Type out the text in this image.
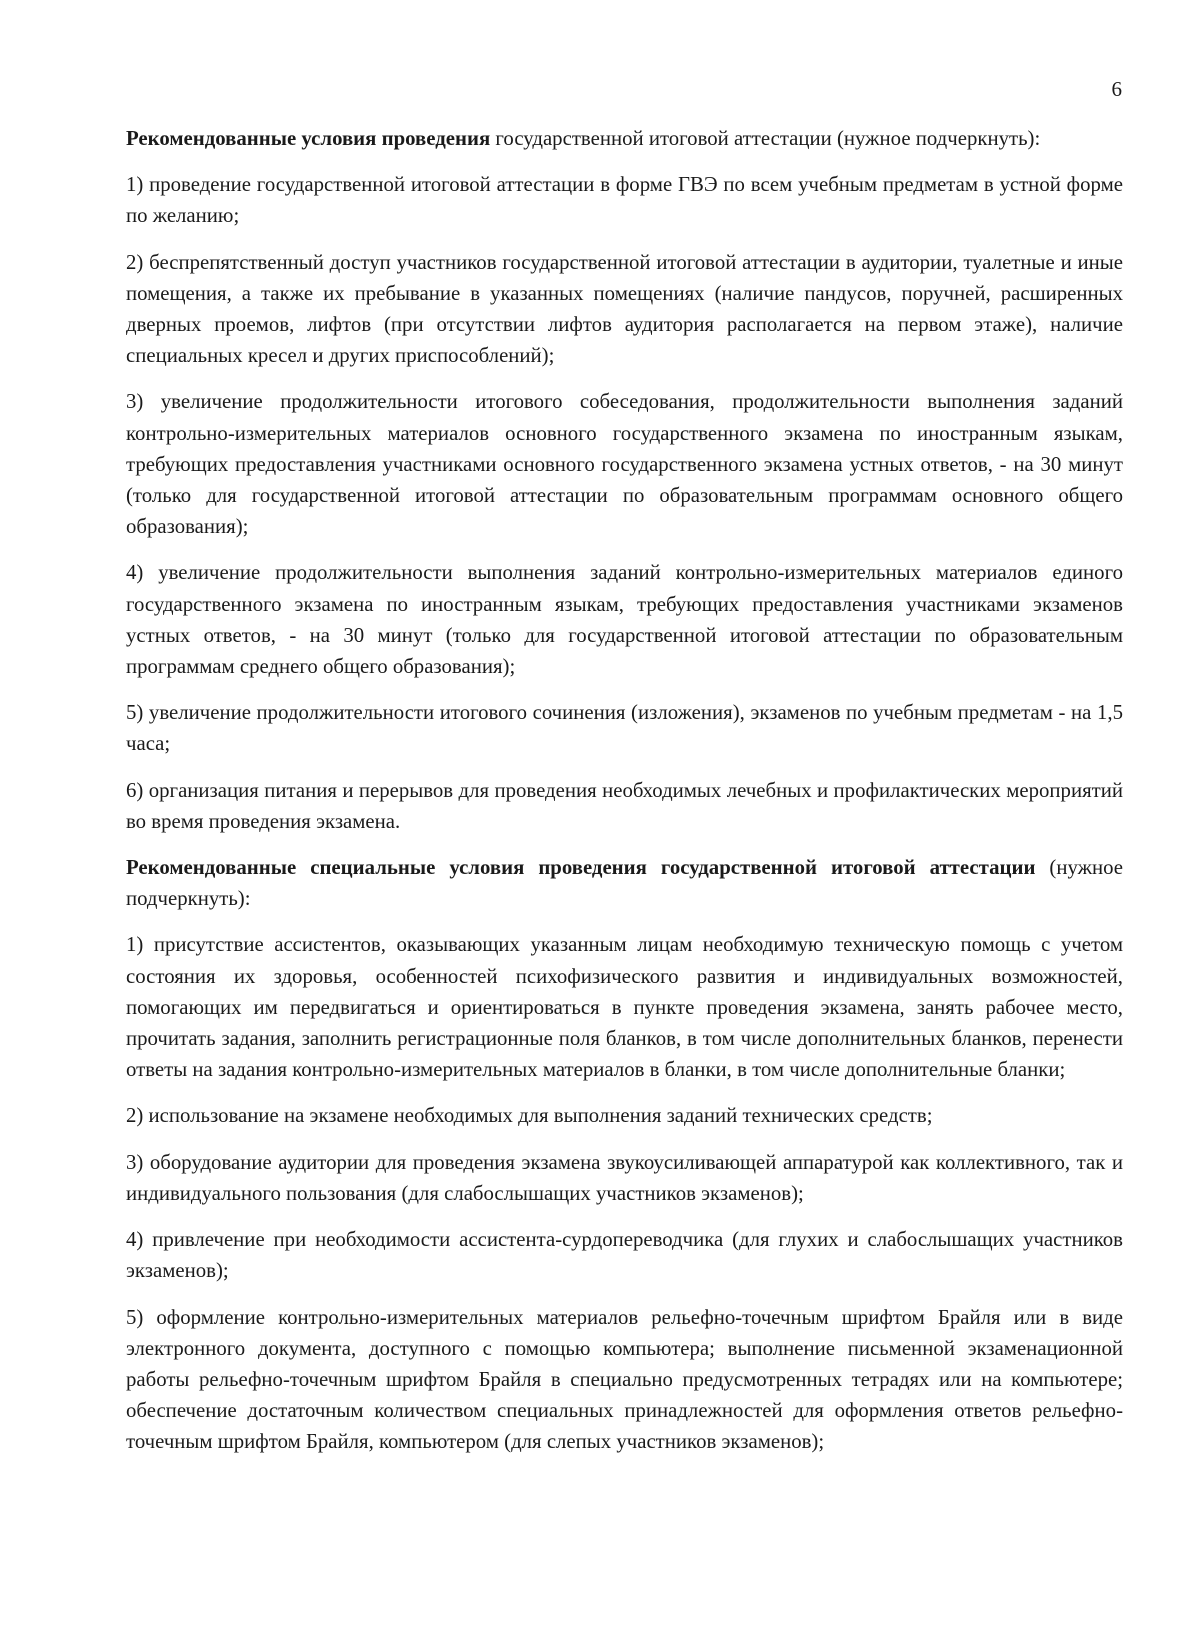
6

Рекомендованные условия проведения государственной итоговой аттестации (нужное подчеркнуть):

1) проведение государственной итоговой аттестации в форме ГВЭ по всем учебным предметам в устной форме по желанию;

2) беспрепятственный доступ участников государственной итоговой аттестации в аудитории, туалетные и иные помещения, а также их пребывание в указанных помещениях (наличие пандусов, поручней, расширенных дверных проемов, лифтов (при отсутствии лифтов аудитория располагается на первом этаже), наличие специальных кресел и других приспособлений);

3) увеличение продолжительности итогового собеседования, продолжительности выполнения заданий контрольно-измерительных материалов основного государственного экзамена по иностранным языкам, требующих предоставления участниками основного государственного экзамена устных ответов, - на 30 минут (только для государственной итоговой аттестации по образовательным программам основного общего образования);

4) увеличение продолжительности выполнения заданий контрольно-измерительных материалов единого государственного экзамена по иностранным языкам, требующих предоставления участниками экзаменов устных ответов, - на 30 минут (только для государственной итоговой аттестации по образовательным программам среднего общего образования);

5) увеличение продолжительности итогового сочинения (изложения), экзаменов по учебным предметам - на 1,5 часа;

6) организация питания и перерывов для проведения необходимых лечебных и профилактических мероприятий во время проведения экзамена.

Рекомендованные специальные условия проведения государственной итоговой аттестации (нужное подчеркнуть):

1) присутствие ассистентов, оказывающих указанным лицам необходимую техническую помощь с учетом состояния их здоровья, особенностей психофизического развития и индивидуальных возможностей, помогающих им передвигаться и ориентироваться в пункте проведения экзамена, занять рабочее место, прочитать задания, заполнить регистрационные поля бланков, в том числе дополнительных бланков, перенести ответы на задания контрольно-измерительных материалов в бланки, в том числе дополнительные бланки;

2) использование на экзамене необходимых для выполнения заданий технических средств;

3) оборудование аудитории для проведения экзамена звукоусиливающей аппаратурой как коллективного, так и индивидуального пользования (для слабослышащих участников экзаменов);

4) привлечение при необходимости ассистента-сурдопереводчика (для глухих и слабослышащих участников экзаменов);

5) оформление контрольно-измерительных материалов рельефно-точечным шрифтом Брайля или в виде электронного документа, доступного с помощью компьютера; выполнение письменной экзаменационной работы рельефно-точечным шрифтом Брайля в специально предусмотренных тетрадях или на компьютере; обеспечение достаточным количеством специальных принадлежностей для оформления ответов рельефно-точечным шрифтом Брайля, компьютером (для слепых участников экзаменов);
